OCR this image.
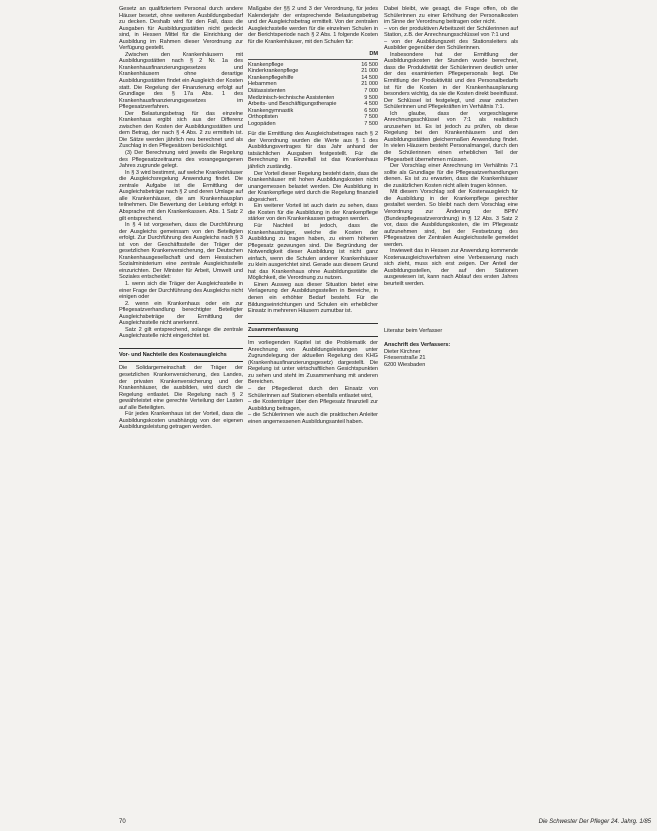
Gesetz an qualifiziertem Personal durch andere Häuser besetzt, ohne weiteren Ausbildungsbedarf zu decken. Deshalb wird für den Fall, dass die Ausgaben für Ausbildungsstätten nicht gedeckt sind, in Hessen Mittel für die Einrichtung der Ausbildung im Rahmen dieser Verordnung zur Verfügung gestellt.

Zwischen den Krankenhäusern mit Ausbildungsstätten nach § 2 Nr. 1a des Krankenhausfinanzierungsgesetzes und Krankenhäusern ohne derartige Ausbildungsstätten findet ein Ausgleich der Kosten statt. Die Regelung der Finanzierung erfolgt auf Grundlage des § 17a Abs. 1 des Krankenhausfinanzierungsgesetzes im Pflegesatzverfahren.

Der Belastungsbetrag für das einzelne Krankenhaus ergibt sich aus der Differenz zwischen den Kosten der Ausbildungsstätten und dem Betrag, der nach § 4 Abs. 2 zu ermitteln ist. Die Sätze werden jährlich neu berechnet und als Zuschlag in den Pflegesätzen berücksichtigt.

(3) Der Berechnung wird jeweils die Regelung des Pflegesatzzeitraums des vorangegangenen Jahres zugrunde gelegt.

In § 3 wird bestimmt, auf welche Krankenhäuser die Ausgleichsregelung Anwendung findet. Die zentrale Aufgabe ist die Ermittlung der Ausgleichsbeträge nach § 2 und deren Umlage auf alle Krankenhäuser, die am Krankenhausplan teilnehmen. Die Bewertung der Leistung erfolgt in Absprache mit den Krankenkassen. Abs. 1 Satz 2 gilt entsprechend.

In § 4 ist vorgesehen, dass die Durchführung der Ausgleichs gemeinsam von den Beteiligten erfolgt. Zur Durchführung des Ausgleichs nach § 3 ist von der Geschäftsstelle der Träger der gesetzlichen Krankenversicherung, der Deutschen Krankenhausgesellschaft und dem Hessischen Sozialministerium eine zentrale Ausgleichsstelle einzurichten. Der Minister für Arbeit, Umwelt und Soziales entscheidet:

1. wenn sich die Träger der Ausgleichsstelle in einer Frage der Durchführung des Ausgleichs nicht einigen oder

2. wenn ein Krankenhaus oder ein zur Pflegesatzverhandlung berechtigter Beteiligter Ausgleichsbeträge der Ermittlung der Ausgleichsstelle nicht anerkennt.

Satz 2 gilt entsprechend, solange die zentrale Ausgleichsstelle nicht eingerichtet ist.

Vor- und Nachteile des Kostenausgleichs

Die Solidargemeinschaft der Träger der gesetzlichen Krankenversicherung, des Landes, der privaten Krankenversicherung und der Krankenhäuser, die ausbilden, wird durch die Regelung entlastet. Die Regelung nach § 2 gewährleistet eine gerechte Verteilung der Lasten auf alle Beteiligten.

Für jedes Krankenhaus ist der Vorteil, dass die Ausbildungskosten unabhängig von der eigenen Ausbildungsleistung getragen werden.

Maßgabe der §§ 2 und 3 der Verordnung, für jedes Kalenderjahr der entsprechende Belastungsbetrag und der Ausgleichsbetrag ermittelt. Von der zentralen Ausgleichsstelle werden für die einzelnen Schulen in der Berichtsperiode nach § 2 Abs. 1 folgende Kosten für die Krankenhäuser, mit den Schulen für:

DM
Krankenpflege	16 500
Kinderkrankenpflege	21 000
Krankenpflegehilfe	14 500
Hebammen	21 000
Diätassistenten	7 000
Medizinisch-technische Assistenten	9 500
Arbeits- und Beschäftigungstherapie	4 500
Krankengymnastik	6 500
Orthoptisten	7 500
Logopäden	7 500

Für die Ermittlung des Ausgleichsbetrages nach § 2 der Verordnung wurden die Werte aus § 1 des Ausbildungsvertrages für das Jahr anhand der tatsächlichen Ausgaben festgestellt. Für die Berechnung im Einzelfall ist das Krankenhaus jährlich zuständig.

Der Vorteil dieser Regelung besteht darin, dass die Krankenhäuser mit hohen Ausbildungskosten nicht unangemessen belastet werden. Die Ausbildung in der Krankenpflege wird durch die Regelung finanziell abgesichert.

Ein weiterer Vorteil ist auch darin zu sehen, dass die Kosten für die Ausbildung in der Krankenpflege stärker von den Krankenkassen getragen werden.

Für Nachteil ist jedoch, dass die Krankenhausträger, welche die Kosten der Ausbildung zu tragen haben, zu einem höheren Pflegesatz gezwungen sind. Die Begründung der Notwendigkeit dieser Ausbildung ist nicht ganz einfach, wenn die Schulen anderer Krankenhäuser zu klein ausgerichtet sind. Gerade aus diesem Grund hat das Krankenhaus ohne Ausbildungsstätte die Möglichkeit, die Verordnung zu nutzen.

Einen Ausweg aus dieser Situation bietet eine Verlagerung der Ausbildungsstellen in Bereiche, in denen ein erhöhter Bedarf besteht. Für die Bildungseinrichtungen und Schulen ein erheblicher Einsatz in mehreren Häusern zumutbar ist.

Zusammenfassung

Im vorliegenden Kapitel ist die Problematik der Anrechnung von Ausbildungsleistungen unter Zugrundelegung der aktuellen Regelung des KHG (Krankenhausfinanzierungsgesetz) dargestellt. Die Regelung ist unter wirtschaftlichen Gesichtspunkten zu sehen und steht im Zusammenhang mit anderen Bereichen.

– der Pflegedienst durch den Einsatz von Schülerinnen auf Stationen ebenfalls entlastet wird,

– die Kostenträger über den Pflegesatz finanziell zur Ausbildung beitragen,

– die Schülerinnen wie auch die praktischen Anleiter einen angemessenen Ausbildungsanteil haben.

Dabei bleibt, wie gesagt, die Frage offen, ob die Schülerinnen zu einer Erhöhung der Personalkosten im Sinne der Verordnung beitragen oder nicht.

– von der produktiven Arbeitszeit der Schülerinnen auf Station, z.B. der Anrechnungsschlüssel von 7:1 und

– von der Ausbildungszeit des Stationsleiters als Ausbilder gegenüber den Schülerinnen.

Insbesondere hat der Ermittlung der Ausbildungskosten der Stunden wurde berechnet, dass die Produktivität der Schülerinnen deutlich unter der des examinierten Pflegepersonals liegt. Die Ermittlung der Produktivität und des Personalbedarfs ist für die Kosten in der Krankenhausplanung besonders wichtig, da sie die Kosten direkt beeinflusst. Der Schlüssel ist festgelegt, und zwar zwischen Schülerinnen und Pflegekräften im Verhältnis 7:1.

Ich glaube, dass der vorgeschlagene Anrechnungsschlüssel von 7:1 als realistisch anzusehen ist. Es ist jedoch zu prüfen, ob diese Regelung bei den Krankenhäusern und den Ausbildungsstätten gleichermaßen Anwendung findet. In vielen Häusern besteht Personalmangel, durch den die Schülerinnen einen erheblichen Teil der Pflegearbeit übernehmen müssen.

Der Vorschlag einer Anrechnung im Verhältnis 7:1 sollte als Grundlage für die Pflegesatzverhandlungen dienen. Es ist zu erwarten, dass die Krankenhäuser die zusätzlichen Kosten nicht allein tragen können.

Mit diesem Vorschlag soll der Kostenausgleich für die Ausbildung in der Krankenpflege gerechter gestaltet werden. So bleibt nach dem Vorschlag eine Verordnung zur Änderung der BPflV (Bundespflegesatzverordnung) in § 12 Abs. 3 Satz 2 vor, dass die Ausbildungskosten, die im Pflegesatz aufzunehmen sind, bei der Festsetzung des Pflegesatzes der Zentralen Ausgleichsstelle gemeldet werden.

Inwieweit das in Hessen zur Anwendung kommende Kostenausgleichsverfahren eine Verbesserung nach sich zieht, muss sich erst zeigen. Der Anteil der Ausbildungsstellen, der auf den Stationen ausgewiesen ist, kann nach Ablauf des ersten Jahres beurteilt werden.

Literatur beim Verfasser

Anschrift des Verfassers:

Dieter Kirchner

Friesenstraße 21

6200 Wiesbaden

70	Die Schwester Der Pfleger 24. Jahrg. 1/85
